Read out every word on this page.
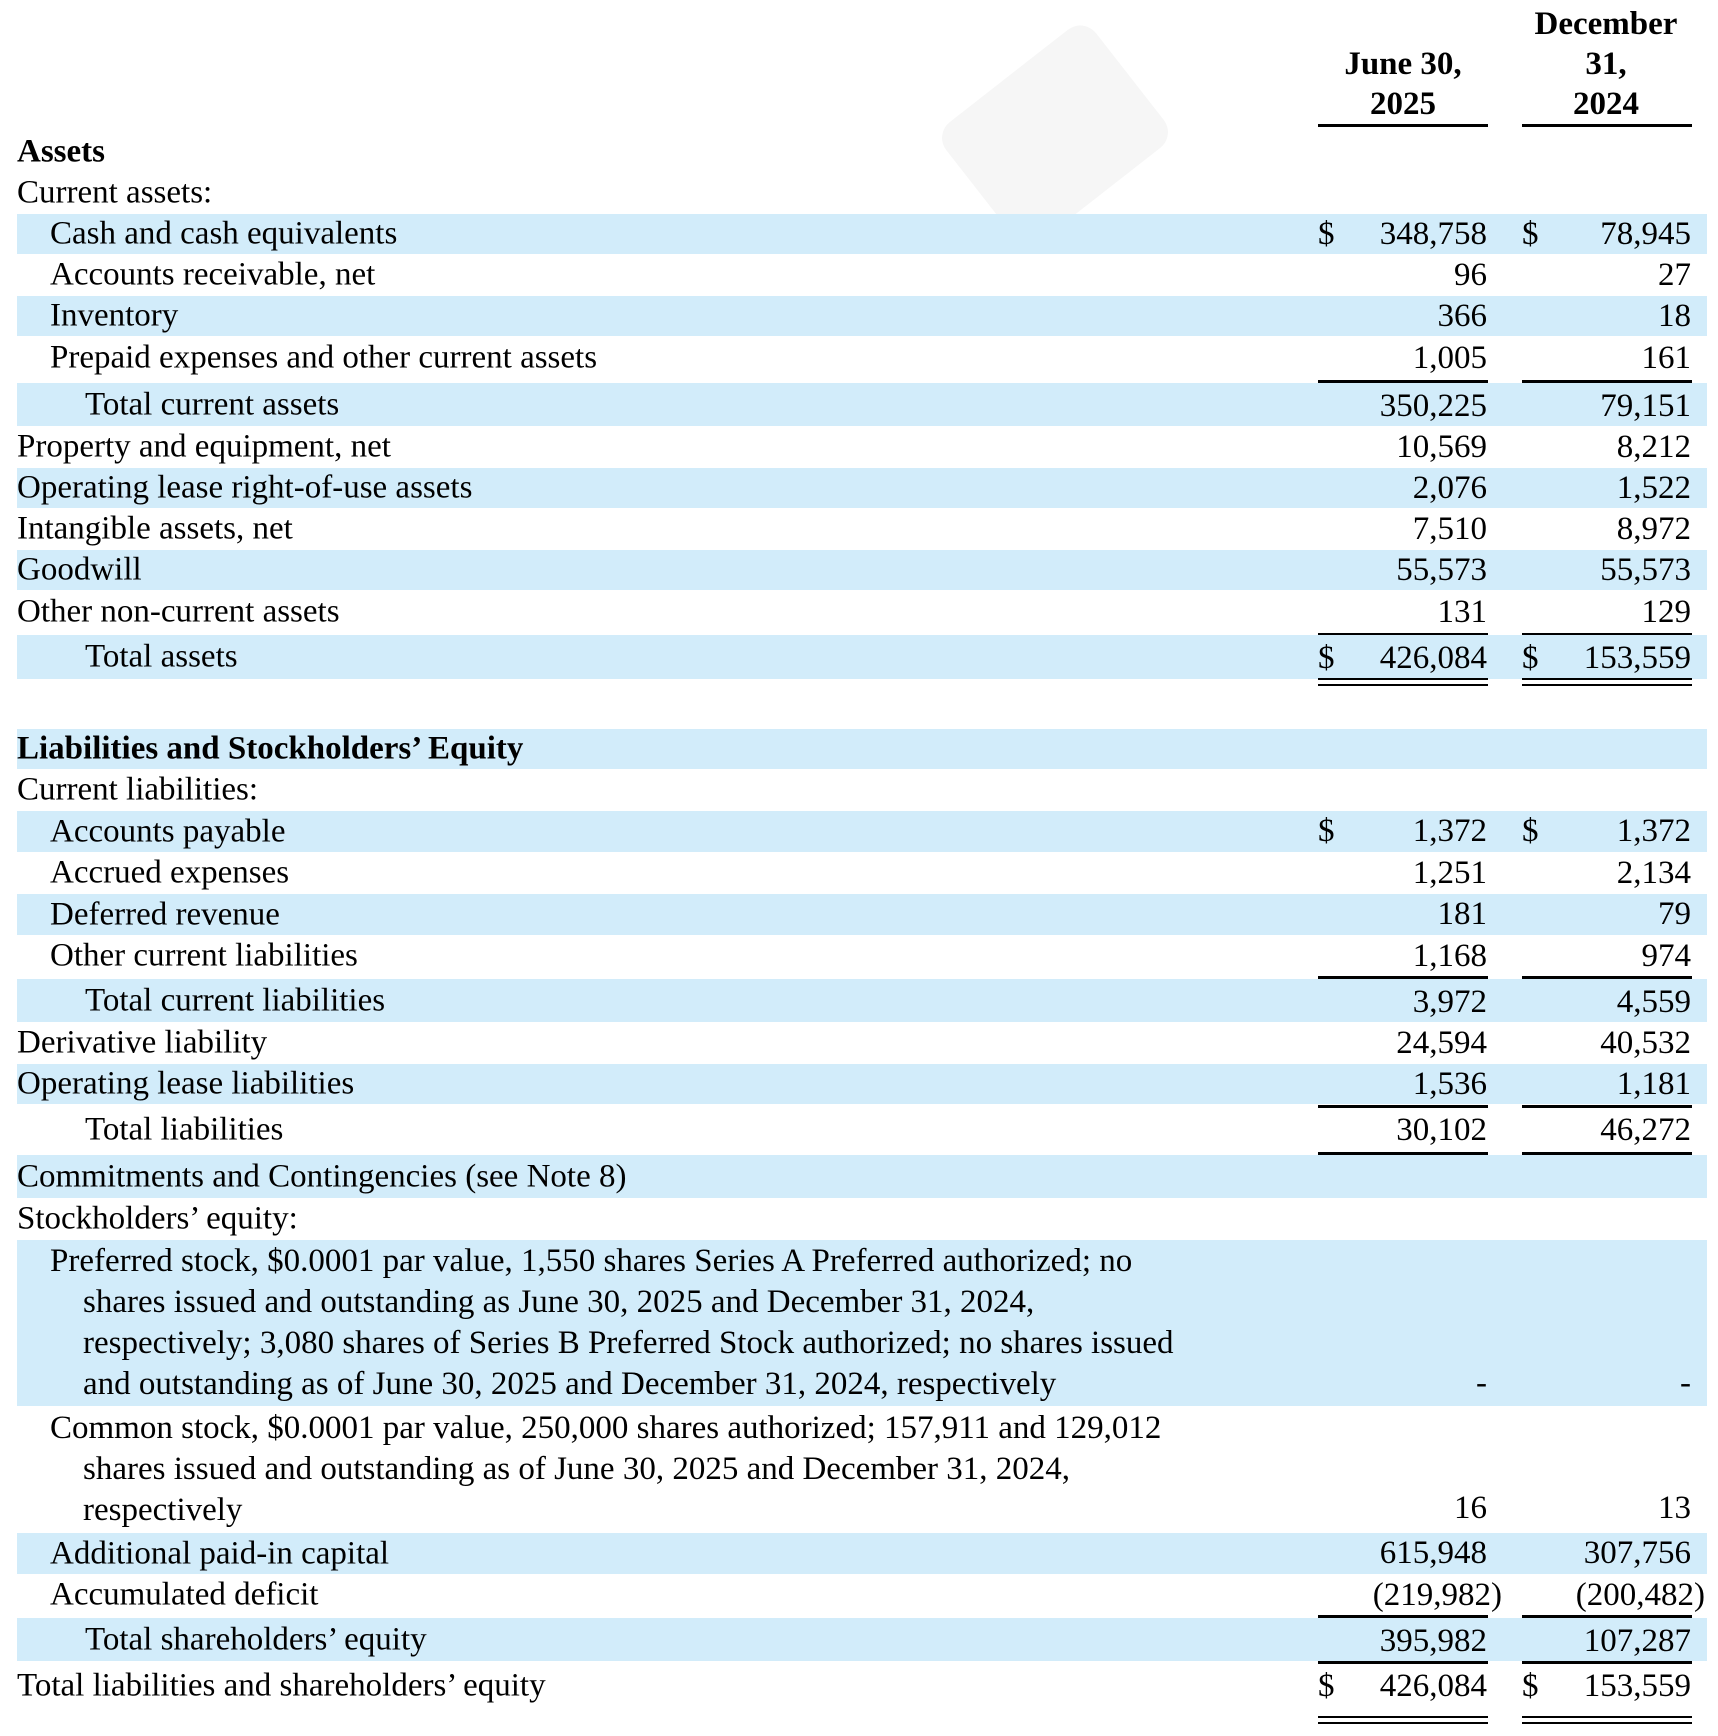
June 30,
2025
December
31,
2024
Assets
Current assets:
Cash and cash equivalents	$ 348,758 $ 78,945
Accounts receivable, net	96	27
Inventory	366	18
Prepaid expenses and other current assets	1,005	161
Total current assets	350,225	79,151
Property and equipment, net	10,569	8,212
Operating lease right-of-use assets	2,076	1,522
Intangible assets, net	7,510	8,972
Goodwill	55,573	55,573
Other non-current assets	131	129
Total assets	$ 426,084 $ 153,559
Liabilities and Stockholders’ Equity
Current liabilities:
Accounts payable	$ 1,372 $ 1,372
Accrued expenses	1,251	2,134
Deferred revenue	181	79
Other current liabilities	1,168	974
Total current liabilities	3,972	4,559
Derivative liability	24,594	40,532
Operating lease liabilities	1,536	1,181
Total liabilities	30,102	46,272
Commitments and Contingencies (see Note 8)
Stockholders’ equity:
Preferred stock, $0.0001 par value, 1,550 shares Series A Preferred authorized; no
shares issued and outstanding as June 30, 2025 and December 31, 2024,
respectively; 3,080 shares of Series B Preferred Stock authorized; no shares issued
and outstanding as of June 30, 2025 and December 31, 2024, respectively	-	-
Common stock, $0.0001 par value, 250,000 shares authorized; 157,911 and 129,012
shares issued and outstanding as of June 30, 2025 and December 31, 2024,
respectively	16	13
Additional paid-in capital	615,948	307,756
Accumulated deficit	(219,982) (200,482)
Total shareholders’ equity	395,982	107,287
Total liabilities and shareholders’ equity	$ 426,084 $ 153,559
